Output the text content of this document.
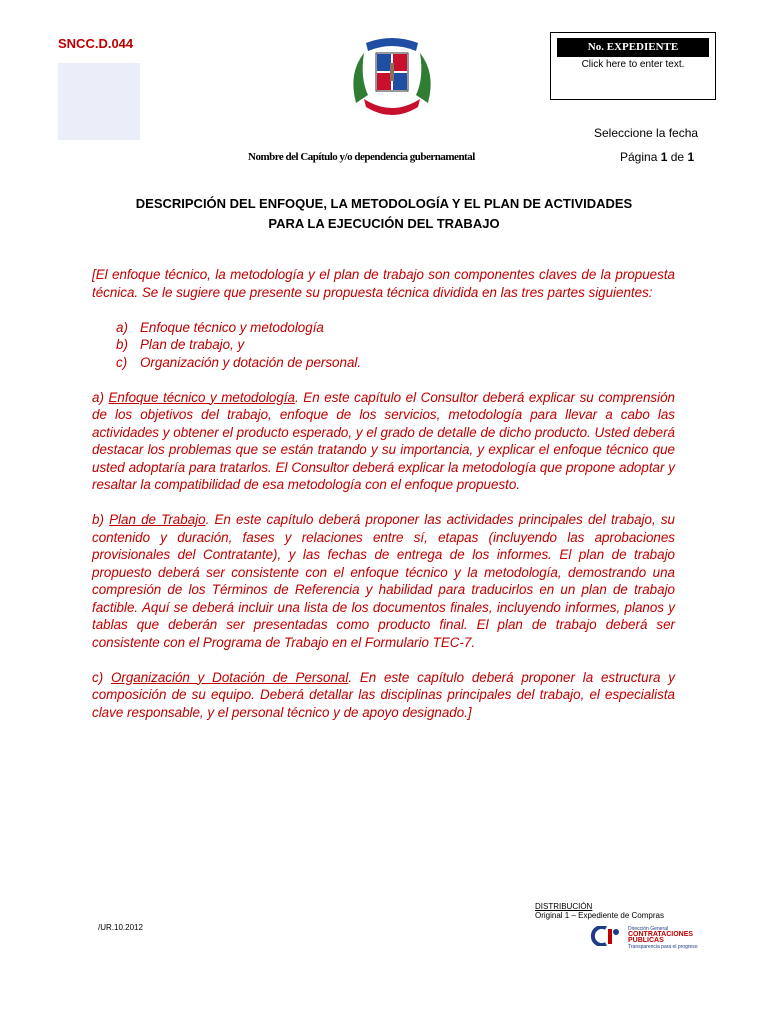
SNCC.D.044	No. EXPEDIENTE
Click here to enter text.
Seleccione la fecha
Página 1 de 1
Nombre del Capítulo y/o dependencia gubernamental
DESCRIPCIÓN DEL ENFOQUE, LA METODOLOGÍA Y EL PLAN DE ACTIVIDADES
PARA LA EJECUCIÓN DEL TRABAJO

[El enfoque técnico, la metodología y el plan de trabajo son componentes claves de la propuesta técnica. Se le sugiere que presente su propuesta técnica dividida en las tres partes siguientes:

a) Enfoque técnico y metodología
b) Plan de trabajo, y
c) Organización y dotación de personal.

a) Enfoque técnico y metodología. En este capítulo el Consultor deberá explicar su comprensión de los objetivos del trabajo, enfoque de los servicios, metodología para llevar a cabo las actividades y obtener el producto esperado, y el grado de detalle de dicho producto. Usted deberá destacar los problemas que se están tratando y su importancia, y explicar el enfoque técnico que usted adoptaría para tratarlos. El Consultor deberá explicar la metodología que propone adoptar y resaltar la compatibilidad de esa metodología con el enfoque propuesto.

b) Plan de Trabajo. En este capítulo deberá proponer las actividades principales del trabajo, su contenido y duración, fases y relaciones entre sí, etapas (incluyendo las aprobaciones provisionales del Contratante), y las fechas de entrega de los informes. El plan de trabajo propuesto deberá ser consistente con el enfoque técnico y la metodología, demostrando una compresión de los Términos de Referencia y habilidad para traducirlos en un plan de trabajo factible. Aquí se deberá incluir una lista de los documentos finales, incluyendo informes, planos y tablas que deberán ser presentadas como producto final. El plan de trabajo deberá ser consistente con el Programa de Trabajo en el Formulario TEC-7.

c) Organización y Dotación de Personal. En este capítulo deberá proponer la estructura y composición de su equipo. Deberá detallar las disciplinas principales del trabajo, el especialista clave responsable, y el personal técnico y de apoyo designado.]

/UR.10.2012
DISTRIBUCIÓN
Original 1 – Expediente de Compras
Dirección General
CONTRATACIONES
PÚBLICAS
Transparencia para el progreso
